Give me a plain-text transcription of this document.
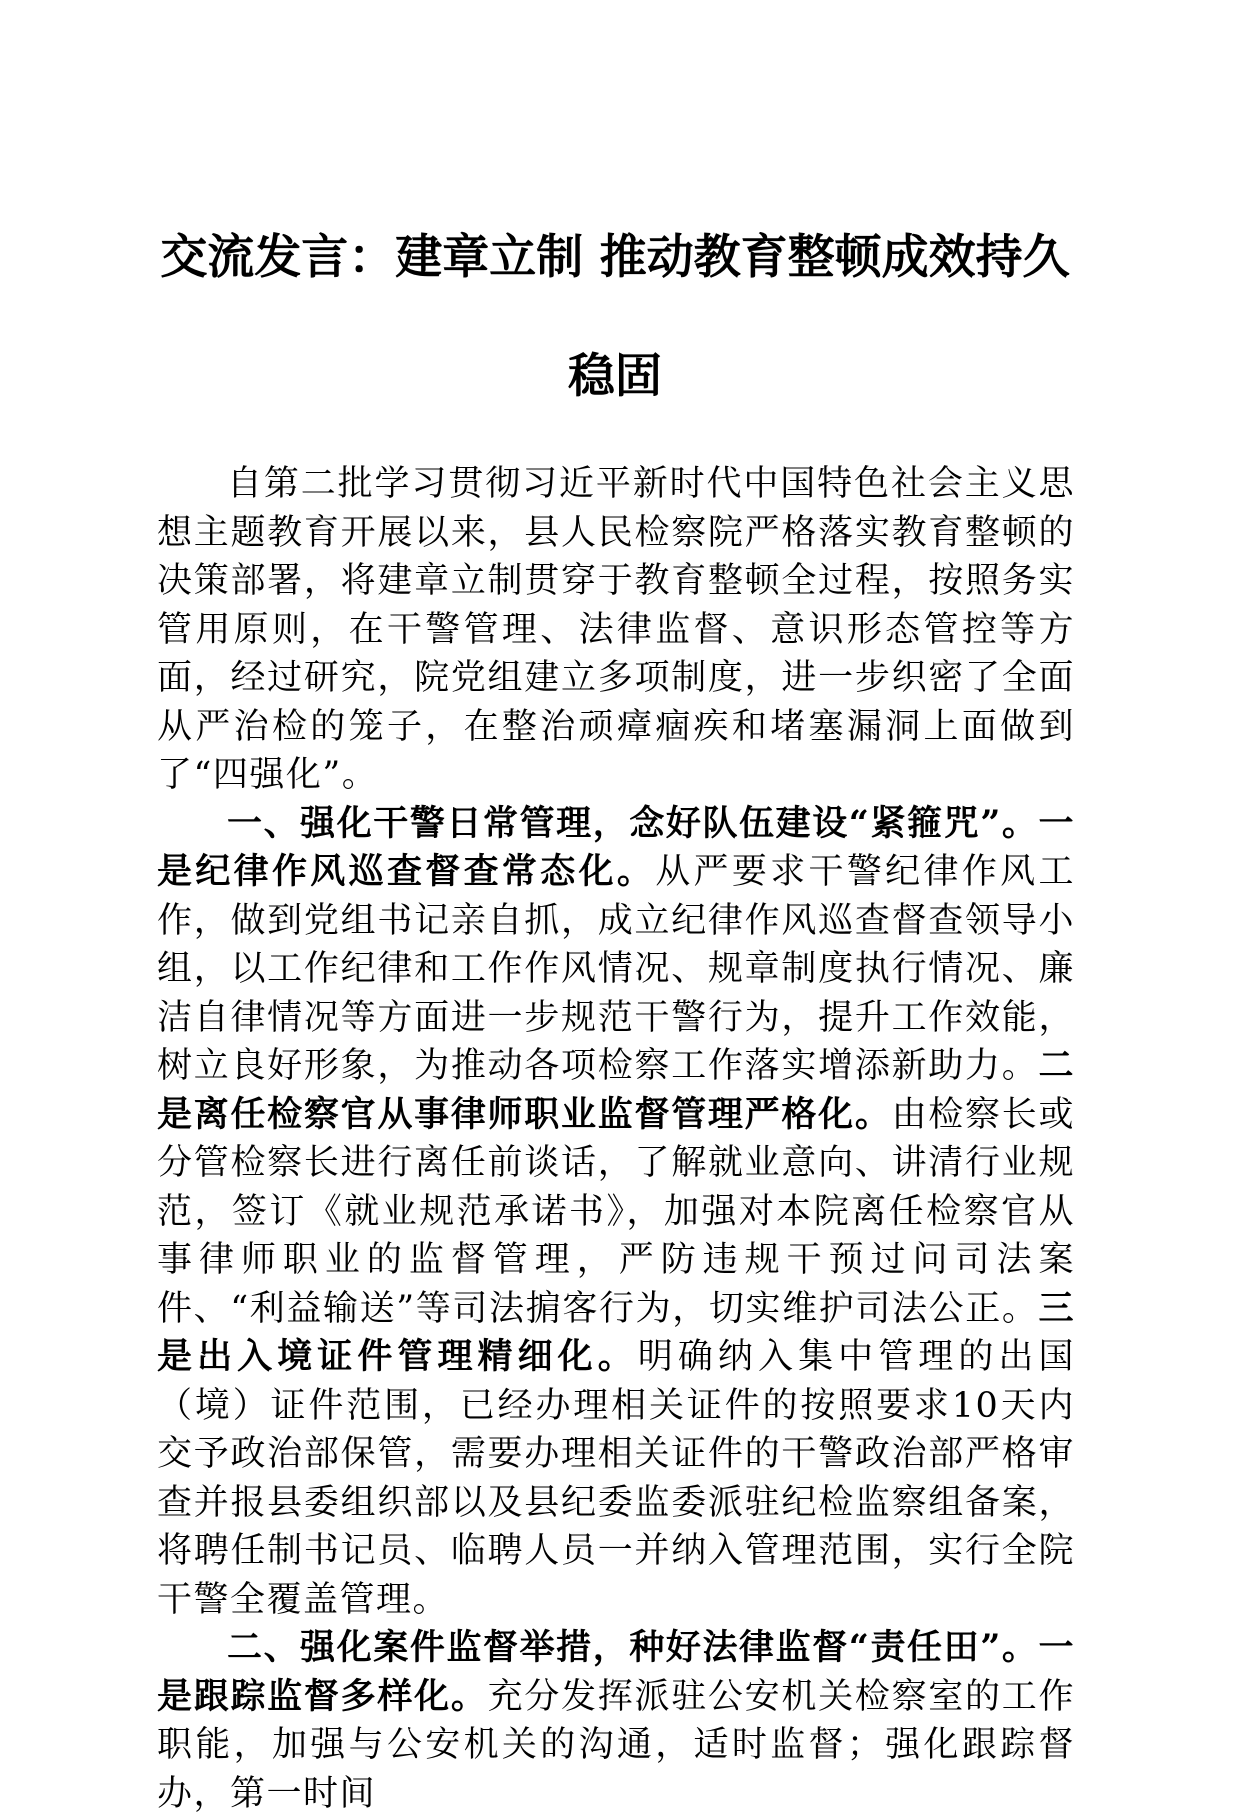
交流发言：建章立制 推动教育整顿成效持久
稳固

自第二批学习贯彻习近平新时代中国特色社会主义思想主题教育开展以来，县人民检察院严格落实教育整顿的决策部署，将建章立制贯穿于教育整顿全过程，按照务实管用原则，在干警管理、法律监督、意识形态管控等方面，经过研究，院党组建立多项制度，进一步织密了全面从严治检的笼子，在整治顽瘴痼疾和堵塞漏洞上面做到了“四强化”。

一、强化干警日常管理，念好队伍建设“紧箍咒”。一是纪律作风巡查督查常态化。从严要求干警纪律作风工作，做到党组书记亲自抓，成立纪律作风巡查督查领导小组，以工作纪律和工作作风情况、规章制度执行情况、廉洁自律情况等方面进一步规范干警行为，提升工作效能，树立良好形象，为推动各项检察工作落实增添新助力。二是离任检察官从事律师职业监督管理严格化。由检察长或分管检察长进行离任前谈话，了解就业意向、讲清行业规范，签订《就业规范承诺书》，加强对本院离任检察官从事律师职业的监督管理，严防违规干预过问司法案件、“利益输送”等司法掮客行为，切实维护司法公正。三是出入境证件管理精细化。明确纳入集中管理的出国（境）证件范围，已经办理相关证件的按照要求10天内交予政治部保管，需要办理相关证件的干警政治部严格审查并报县委组织部以及县纪委监委派驻纪检监察组备案，将聘任制书记员、临聘人员一并纳入管理范围，实行全院干警全覆盖管理。

二、强化案件监督举措，种好法律监督“责任田”。一是跟踪监督多样化。充分发挥派驻公安机关检察室的工作职能，加强与公安机关的沟通，适时监督；强化跟踪督办，第一时间
